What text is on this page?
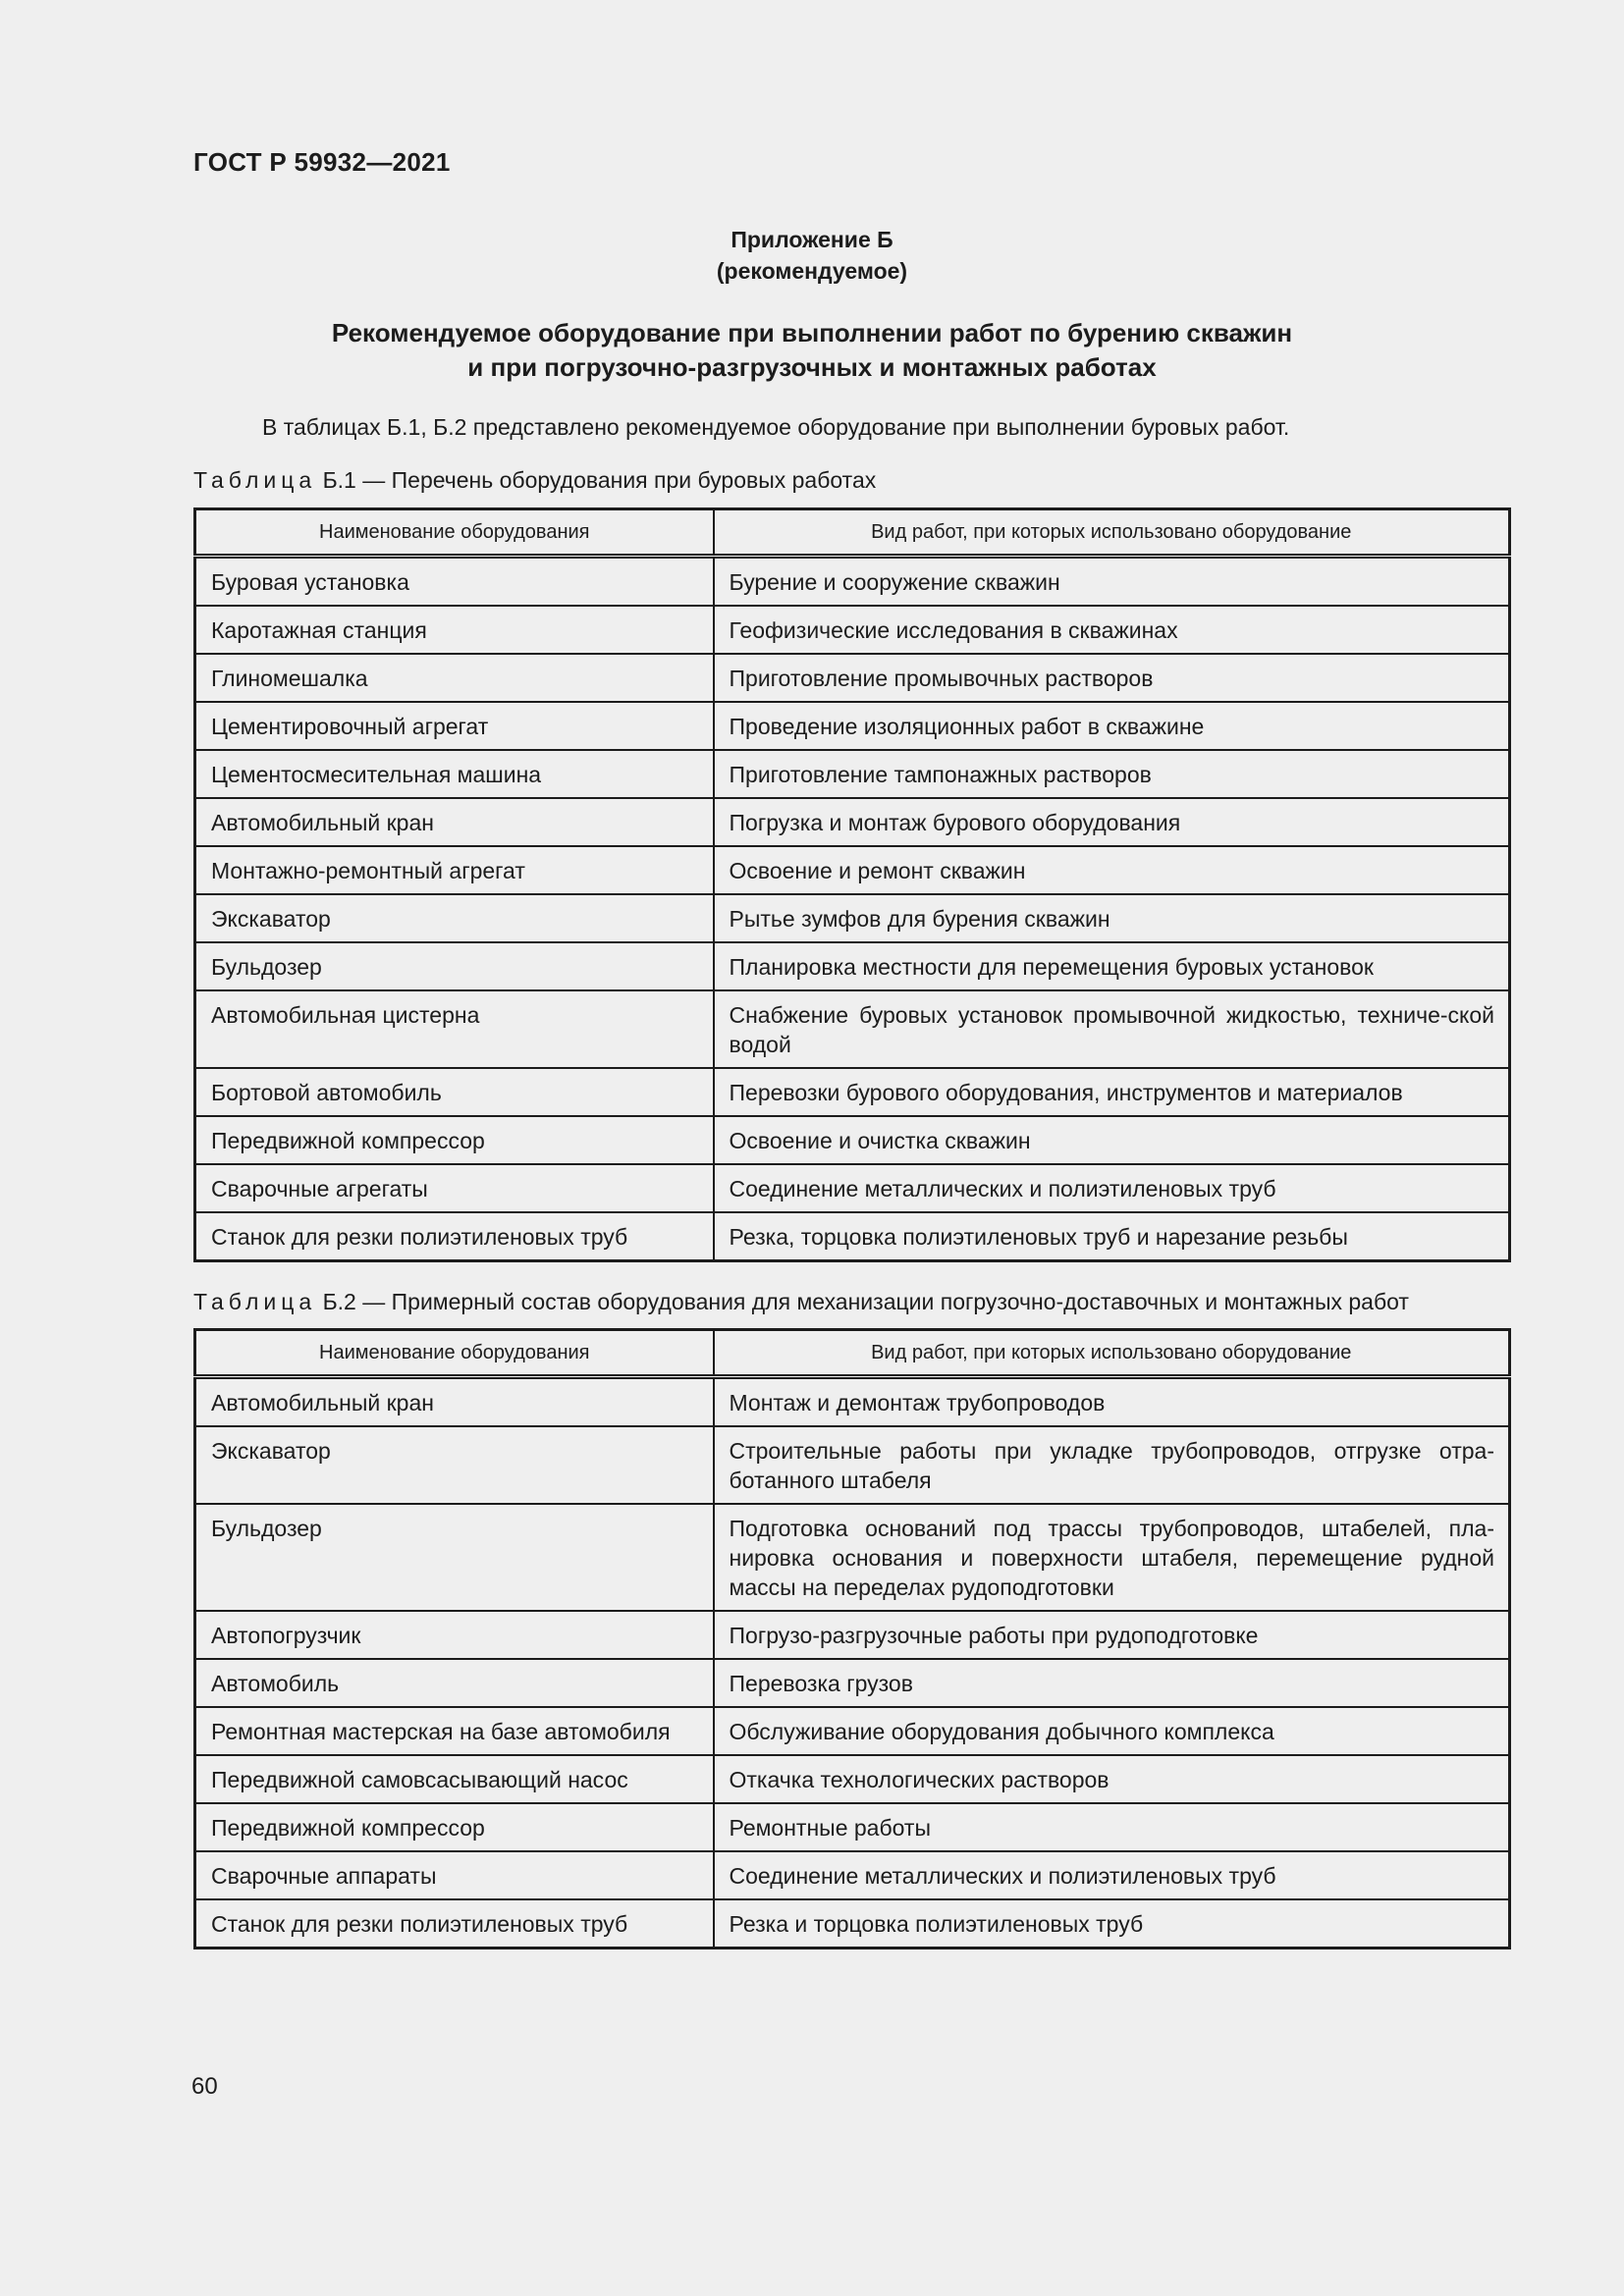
ГОСТ Р 59932—2021
Приложение Б
(рекомендуемое)
Рекомендуемое оборудование при выполнении работ по бурению скважин
и при погрузочно-разгрузочных и монтажных работах
В таблицах Б.1, Б.2 представлено рекомендуемое оборудование при выполнении буровых работ.
Таблица Б.1 — Перечень оборудования при буровых работах
Наименование оборудования	Вид работ, при которых использовано оборудование
Буровая установка	Бурение и сооружение скважин
Каротажная станция	Геофизические исследования в скважинах
Глиномешалка	Приготовление промывочных растворов
Цементировочный агрегат	Проведение изоляционных работ в скважине
Цементосмесительная машина	Приготовление тампонажных растворов
Автомобильный кран	Погрузка и монтаж бурового оборудования
Монтажно-ремонтный агрегат	Освоение и ремонт скважин
Экскаватор	Рытье зумфов для бурения скважин
Бульдозер	Планировка местности для перемещения буровых установок
Автомобильная цистерна	Снабжение буровых установок промывочной жидкостью, техниче-ской водой
Бортовой автомобиль	Перевозки бурового оборудования, инструментов и материалов
Передвижной компрессор	Освоение и очистка скважин
Сварочные агрегаты	Соединение металлических и полиэтиленовых труб
Станок для резки полиэтиленовых труб	Резка, торцовка полиэтиленовых труб и нарезание резьбы
Таблица Б.2 — Примерный состав оборудования для механизации погрузочно-доставочных и монтажных работ
Наименование оборудования	Вид работ, при которых использовано оборудование
Автомобильный кран	Монтаж и демонтаж трубопроводов
Экскаватор	Строительные работы при укладке трубопроводов, отгрузке отра-ботанного штабеля
Бульдозер	Подготовка оснований под трассы трубопроводов, штабелей, пла-нировка основания и поверхности штабеля, перемещение рудной массы на переделах рудоподготовки
Автопогрузчик	Погрузо-разгрузочные работы при рудоподготовке
Автомобиль	Перевозка грузов
Ремонтная мастерская на базе автомобиля	Обслуживание оборудования добычного комплекса
Передвижной самовсасывающий насос	Откачка технологических растворов
Передвижной компрессор	Ремонтные работы
Сварочные аппараты	Соединение металлических и полиэтиленовых труб
Станок для резки полиэтиленовых труб	Резка и торцовка полиэтиленовых труб
60
